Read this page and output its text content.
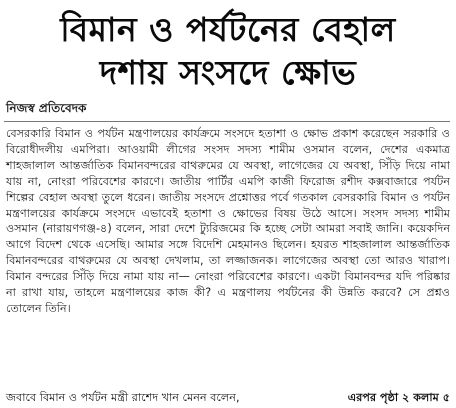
বিমান ও পর্যটনের বেহাল
দশায় সংসদে ক্ষোভ
নিজস্ব প্রতিবেদক

বেসরকারি বিমান ও পর্যটন মন্ত্রণালয়ের কার্যক্রমে সংসদে হতাশা ও ক্ষোভ প্রকাশ করেছেন সরকারি ও বিরোধীদলীয় এমপিরা। আওয়ামী লীগের সংসদ সদস্য শামীম ওসমান বলেন, দেশের একমাত্র শাহজালাল আন্তর্জাতিক বিমানবন্দরের বাথরুমের যে অবস্থা, লাগেজের যে অবস্থা, সিঁড়ি দিয়ে নামা যায় না, নোংরা পরিবেশের কারণে। জাতীয় পার্টির এমপি কাজী ফিরোজ রশীদ কক্সবাজারে পর্যটন শিল্পের বেহাল অবস্থা তুলে ধরেন। জাতীয় সংসদে প্রশ্নোত্তর পর্বে গতকাল বেসরকারি বিমান ও পর্যটন মন্ত্রণালয়ের কার্যক্রমে সংসদে এভাবেই হতাশা ও ক্ষোভের বিষয় উঠে আসে। সংসদ সদস্য শামীম ওসমান (নারায়ণগঞ্জ-৪) বলেন, সারা দেশে ট্যুরিজমের কি হচ্ছে সেটা আমরা সবাই জানি। কয়েকদিন আগে বিদেশ থেকে এসেছি। আমার সঙ্গে বিদেশি মেহমানও ছিলেন। হযরত শাহজালাল আন্তর্জাতিক বিমানবন্দরের বাথরুমের যে অবস্থা দেখলাম, তা লজ্জাজনক। লাগেজের অবস্থা তো আরও খারাপ। বিমান বন্দরের সিঁড়ি দিয়ে নামা যায় না— নোংরা পরিবেশের কারণে। একটা বিমানবন্দর যদি পরিষ্কার না রাখা যায়, তাহলে মন্ত্রণালয়ের কাজ কী? এ মন্ত্রণালয় পর্যটনের কী উন্নতি করবে? সে প্রশ্নও তোলেন তিনি।

জবাবে বিমান ও পর্যটন মন্ত্রী রাশেদ খান মেনন বলেন,	এরপর পৃষ্ঠা ২ কলাম ৫
